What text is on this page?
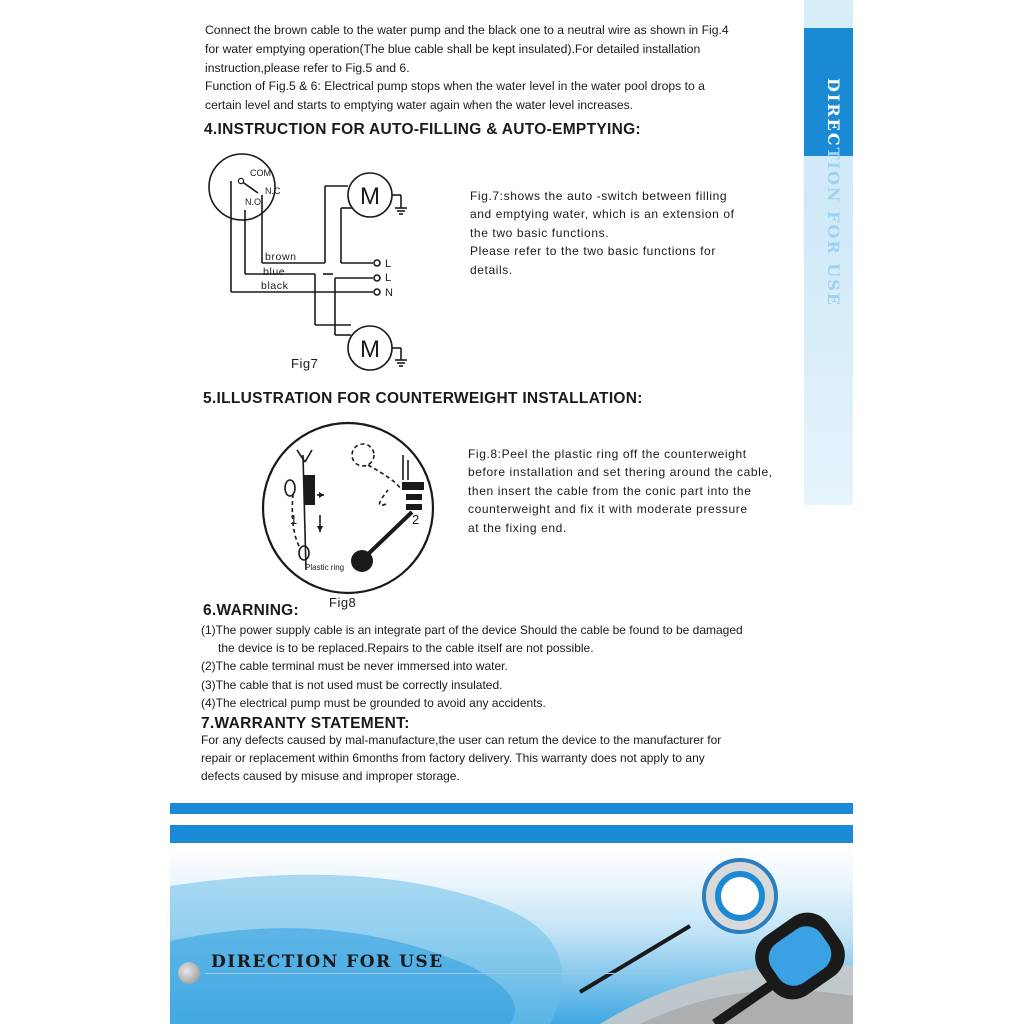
DIRECTION FOR USE
Connect the brown cable to the water pump and the black one to a neutral wire as shown in Fig.4
for water emptying operation(The blue cable shall be kept insulated).For detailed installation
instruction,please refer to Fig.5 and 6.
Function of Fig.5 & 6: Electrical pump stops when the water level in the water pool drops to a
certain level and starts to emptying water again when the water level increases.
4.INSTRUCTION FOR AUTO-FILLING & AUTO-EMPTYING:
COM
N.C
N.O
brown
blue
black
L
L
N
M
M
Fig7
Fig.7:shows the auto -switch between filling
and emptying water, which is an extension of
the two basic functions.
Please refer to the two basic functions for
details.
5.ILLUSTRATION FOR COUNTERWEIGHT INSTALLATION:
1	2
Plastic ring
Fig8
Fig.8:Peel the plastic ring off the counterweight
before installation and set thering around the cable,
then insert the cable from the conic part into the
counterweight and fix it with moderate pressure
at the fixing end.
6.WARNING:
(1)The power supply cable is an integrate part of the device Should the cable be found to be damaged
the device is to be replaced.Repairs to the cable itself are not possible.
(2)The cable terminal must be never immersed into water.
(3)The cable that is not used must be correctly insulated.
(4)The electrical pump must be grounded to avoid any accidents.
7.WARRANTY STATEMENT:
For any defects caused by mal-manufacture,the user can retum the device to the manufacturer for
repair or replacement within 6months from factory delivery. This warranty does not apply to any
defects caused by misuse and improper storage.
DIRECTION FOR USE
